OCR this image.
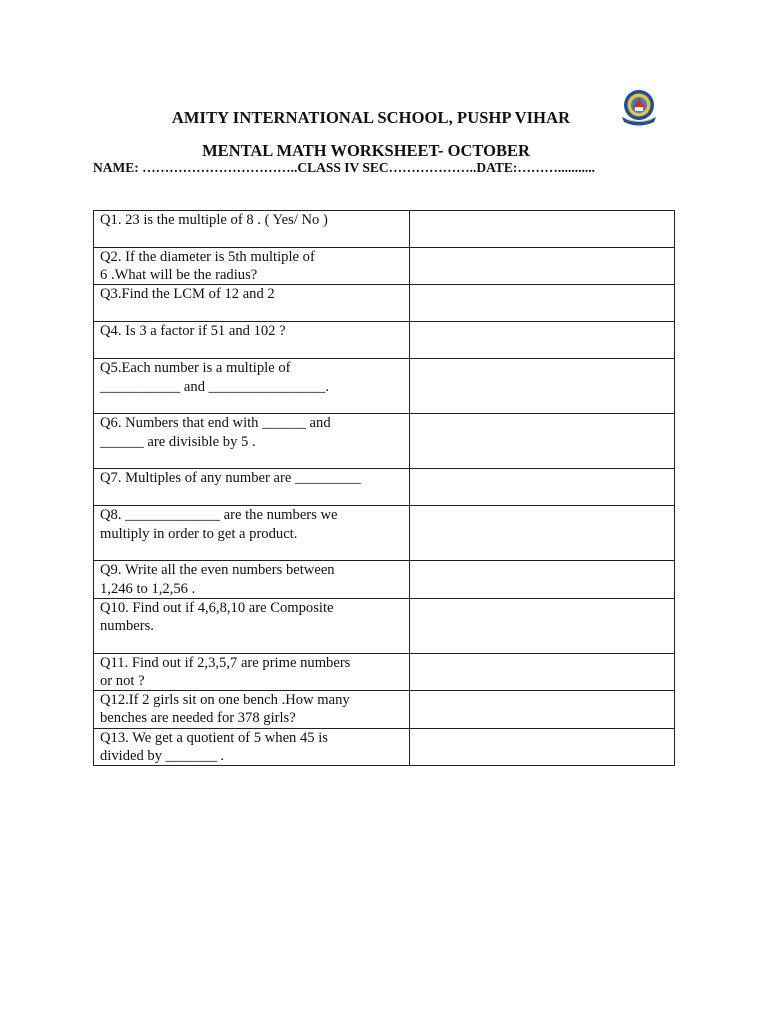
AMITY INTERNATIONAL SCHOOL, PUSHP VIHAR
MENTAL MATH WORKSHEET- OCTOBER
NAME: ……………………………..CLASS IV SEC………………..DATE:………...........
Q1. 23 is the multiple of 8 . ( Yes/ No )	
Q2. If the diameter is 5th multiple of
6 .What will be the radius?	
Q3.Find the LCM of 12 and 2	
Q4. Is 3 a factor if 51 and 102 ?	
Q5.Each number is a multiple of
___________ and ________________.	
Q6. Numbers that end with ______ and
______ are divisible by 5 .	
Q7. Multiples of any number are _________	
Q8. _____________ are the numbers we
multiply in order to get a product.	
Q9. Write all the even numbers between
1,246 to 1,2,56 .	
Q10. Find out if 4,6,8,10 are Composite
numbers.	
Q11. Find out if 2,3,5,7 are prime numbers
or not ?	
Q12.If 2 girls sit on one bench .How many
benches are needed for 378 girls?	
Q13. We get a quotient of 5 when 45 is
divided by _______ .	
